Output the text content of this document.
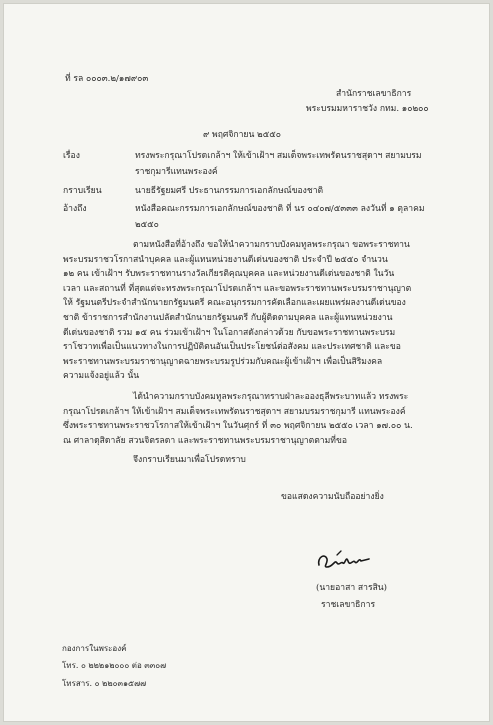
ที่ รล ๐๐๐๓.๒/๑๗๙๐๓
สำนักราชเลขาธิการ
พระบรมมหาราชวัง กทม. ๑๐๒๐๐
๙ พฤศจิกายน ๒๕๕๐
เรื่อง	ทรงพระกรุณาโปรดเกล้าฯ ให้เข้าเฝ้าฯ สมเด็จพระเทพรัตนราชสุดาฯ สยามบรม
ราชกุมารีแทนพระองค์
กราบเรียน	นายธีรัฐยมศรี ประธานกรรมการเอกลักษณ์ของชาติ
อ้างถึง	หนังสือคณะกรรมการเอกลักษณ์ของชาติ ที่ นร ๐๔๐๗/๕๓๓๓ ลงวันที่ ๑ ตุลาคม
๒๕๕๐
ตามหนังสือที่อ้างถึง ขอให้นำความกราบบังคมทูลพระกรุณา ขอพระราชทาน
พระบรมราชวโรกาสนำบุคคล และผู้แทนหน่วยงานดีเด่นของชาติ ประจำปี ๒๕๕๐ จำนวน
๑๒ คน เข้าเฝ้าฯ รับพระราชทานรางวัลเกียรติคุณบุคคล และหน่วยงานดีเด่นของชาติ ในวัน
เวลา และสถานที่ ที่สุดแต่จะทรงพระกรุณาโปรดเกล้าฯ และขอพระราชทานพระบรมราชานุญาต
ให้ รัฐมนตรีประจำสำนักนายกรัฐมนตรี คณะอนุกรรมการคัดเลือกและเผยแพร่ผลงานดีเด่นของ
ชาติ ข้าราชการสำนักงานปลัดสำนักนายกรัฐมนตรี กับผู้ติดตามบุคคล และผู้แทนหน่วยงาน
ดีเด่นของชาติ รวม ๑๕ คน ร่วมเข้าเฝ้าฯ ในโอกาสดังกล่าวด้วย กับขอพระราชทานพระบรม
ราโชวาทเพื่อเป็นแนวทางในการปฏิบัติตนอันเป็นประโยชน์ต่อสังคม และประเทศชาติ และขอ
พระราชทานพระบรมราชานุญาตฉายพระบรมรูปร่วมกับคณะผู้เข้าเฝ้าฯ เพื่อเป็นสิริมงคล
ความแจ้งอยู่แล้ว นั้น
ได้นำความกราบบังคมทูลพระกรุณาทราบฝ่าละอองธุลีพระบาทแล้ว ทรงพระ
กรุณาโปรดเกล้าฯ ให้เข้าเฝ้าฯ สมเด็จพระเทพรัตนราชสุดาฯ สยามบรมราชกุมารี แทนพระองค์
ซึ่งพระราชทานพระราชวโรกาสให้เข้าเฝ้าฯ ในวันศุกร์ ที่ ๓๐ พฤศจิกายน ๒๕๕๐ เวลา ๑๗.๐๐ น.
ณ ศาลาดุสิดาลัย สวนจิตรลดา และพระราชทานพระบรมราชานุญาตตามที่ขอ
จึงกราบเรียนมาเพื่อโปรดทราบ
ขอแสดงความนับถืออย่างยิ่ง
(นายอาสา สารสิน)
ราชเลขาธิการ
กองการในพระองค์
โทร. ๐ ๒๒๒๑๒๐๐๐ ต่อ ๓๓๐๗
โทรสาร. ๐ ๒๒๐๓๑๕๗๗
